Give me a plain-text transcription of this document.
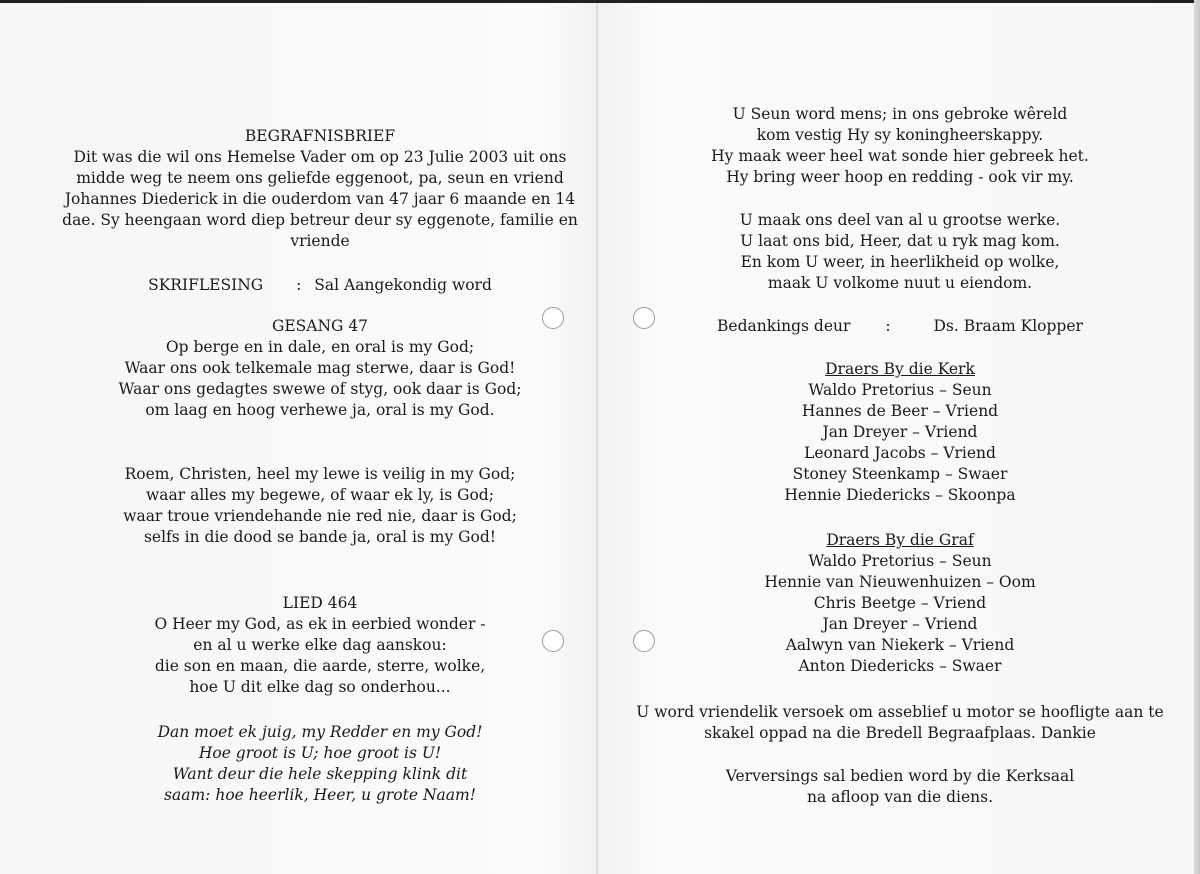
BEGRAFNISBRIEF
Dit was die wil ons Hemelse Vader om op 23 Julie 2003 uit ons
midde weg te neem ons geliefde eggenoot, pa, seun en vriend
Johannes Diederick in die ouderdom van 47 jaar 6 maande en 14
dae. Sy heengaan word diep betreur deur sy eggenote, familie en
vriende
SKRIFLESING : Sal Aangekondig word
GESANG 47
Op berge en in dale, en oral is my God;
Waar ons ook telkemale mag sterwe, daar is God!
Waar ons gedagtes swewe of styg, ook daar is God;
om laag en hoog verhewe ja, oral is my God.
Roem, Christen, heel my lewe is veilig in my God;
waar alles my begewe, of waar ek ly, is God;
waar troue vriendehande nie red nie, daar is God;
selfs in die dood se bande ja, oral is my God!
LIED 464
O Heer my God, as ek in eerbied wonder -
en al u werke elke dag aanskou:
die son en maan, die aarde, sterre, wolke,
hoe U dit elke dag so onderhou...
Dan moet ek juig, my Redder en my God!
Hoe groot is U; hoe groot is U!
Want deur die hele skepping klink dit
saam: hoe heerlik, Heer, u grote Naam!
U Seun word mens; in ons gebroke wêreld
kom vestig Hy sy koningheerskappy.
Hy maak weer heel wat sonde hier gebreek het.
Hy bring weer hoop en redding - ook vir my.
U maak ons deel van al u grootse werke.
U laat ons bid, Heer, dat u ryk mag kom.
En kom U weer, in heerlikheid op wolke,
maak U volkome nuut u eiendom.
Bedankings deur :	Ds. Braam Klopper
Draers By die Kerk
Waldo Pretorius – Seun
Hannes de Beer – Vriend
Jan Dreyer – Vriend
Leonard Jacobs – Vriend
Stoney Steenkamp – Swaer
Hennie Diedericks – Skoonpa
Draers By die Graf
Waldo Pretorius – Seun
Hennie van Nieuwenhuizen – Oom
Chris Beetge – Vriend
Jan Dreyer – Vriend
Aalwyn van Niekerk – Vriend
Anton Diedericks – Swaer
U word vriendelik versoek om asseblief u motor se hoofligte aan te
skakel oppad na die Bredell Begraafplaas. Dankie
Verversings sal bedien word by die Kerksaal
na afloop van die diens.
